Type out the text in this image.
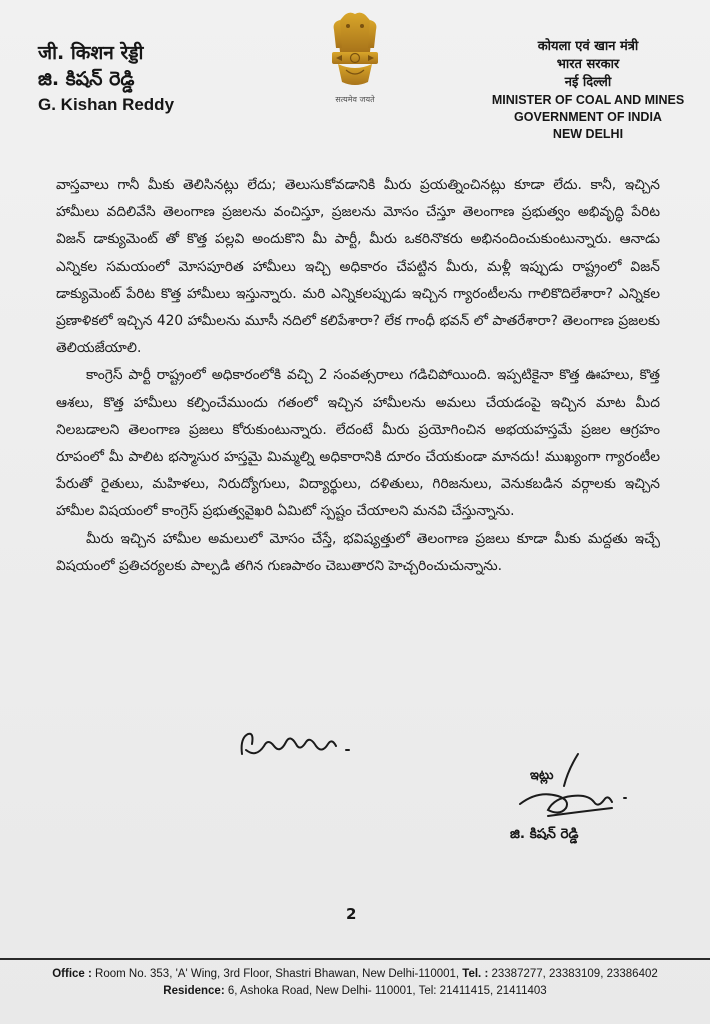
जी. किशन रेड्डी
జి. కిషన్ రెడ్డి
G. Kishan Reddy	सत्यमेव जयते
कोयला एवं खान मंत्री
भारत सरकार
नई दिल्ली
MINISTER OF COAL AND MINES
GOVERNMENT OF INDIA
NEW DELHI

వాస్తవాలు గానీ మీకు తెలిసినట్లు లేదు; తెలుసుకోవడానికి మీరు ప్రయత్నించినట్లు కూడా లేదు. కానీ, ఇచ్చిన హామీలు వదిలివేసి తెలంగాణ ప్రజలను వంచిస్తూ, ప్రజలను మోసం చేస్తూ తెలంగాణ ప్రభుత్వం అభివృద్ధి పేరిట విజన్ డాక్యుమెంట్ తో కొత్త పల్లవి అందుకొని మీ పార్టీ, మీరు ఒకరినొకరు అభినందించుకుంటున్నారు. ఆనాడు ఎన్నికల సమయంలో మోసపూరిత హామీలు ఇచ్చి అధికారం చేపట్టిన మీరు, మళ్లీ ఇప్పుడు రాష్ట్రంలో విజన్ డాక్యుమెంట్ పేరిట కొత్త హామీలు ఇస్తున్నారు. మరి ఎన్నికలప్పుడు ఇచ్చిన గ్యారంటీలను గాలికొదిలేశారా? ఎన్నికల ప్రణాళికలో ఇచ్చిన 420 హామీలను మూసీ నదిలో కలిపేశారా? లేక గాంధీ భవన్ లో పాతరేశారా? తెలంగాణ ప్రజలకు తెలియజేయాలి.

కాంగ్రెస్ పార్టీ రాష్ట్రంలో అధికారంలోకి వచ్చి 2 సంవత్సరాలు గడిచిపోయింది. ఇప్పటికైనా కొత్త ఊహలు, కొత్త ఆశలు, కొత్త హామీలు కల్పించేముందు గతంలో ఇచ్చిన హామీలను అమలు చేయడంపై ఇచ్చిన మాట మీద నిలబడాలని తెలంగాణ ప్రజలు కోరుకుంటున్నారు. లేదంటే మీరు ప్రయోగించిన అభయహస్తమే ప్రజల ఆగ్రహం రూపంలో మీ పాలిట భస్మాసుర హస్తమై మిమ్మల్ని అధికారానికి దూరం చేయకుండా మానదు! ముఖ్యంగా గ్యారంటీల పేరుతో రైతులు, మహిళలు, నిరుద్యోగులు, విద్యార్థులు, దళితులు, గిరిజనులు, వెనుకబడిన వర్గాలకు ఇచ్చిన హామీల విషయంలో కాంగ్రెస్ ప్రభుత్వవైఖరి ఏమిటో స్పష్టం చేయాలని మనవి చేస్తున్నాను.

మీరు ఇచ్చిన హామీల అమలులో మోసం చేస్తే, భవిష్యత్తులో తెలంగాణ ప్రజలు కూడా మీకు మద్దతు ఇచ్చే విషయంలో ప్రతిచర్యలకు పాల్పడి తగిన గుణపాఠం చెబుతారని హెచ్చరించుచున్నాను.

ఇట్లు
జి. కిషన్ రెడ్డి
2
Office : Room No. 353, 'A' Wing, 3rd Floor, Shastri Bhawan, New Delhi-110001, Tel. : 23387277, 23383109, 23386402
Residence: 6, Ashoka Road, New Delhi- 110001, Tel: 21411415, 21411403
